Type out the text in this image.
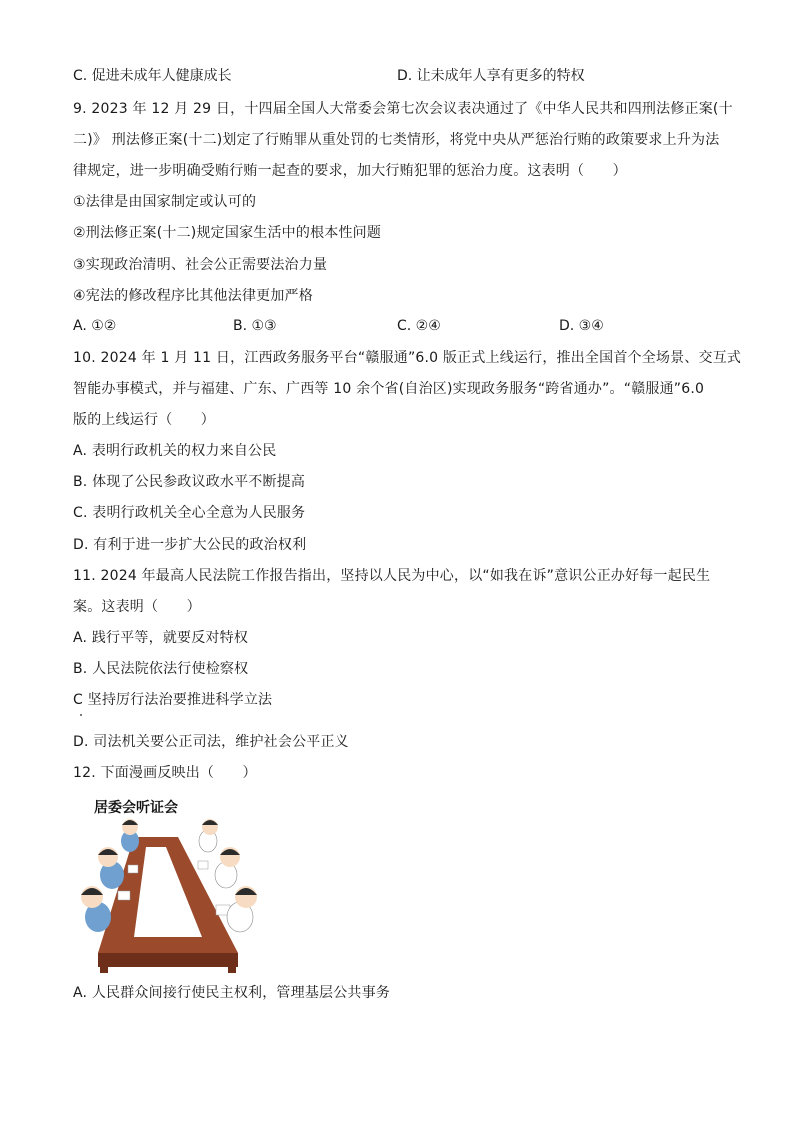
C. 促进未成年人健康成长	D. 让未成年人享有更多的特权
9. 2023 年 12 月 29 日，十四届全国人大常委会第七次会议表决通过了《中华人民共和四刑法修正案(十
二)》 刑法修正案(十二)划定了行贿罪从重处罚的七类情形，将党中央从严惩治行贿的政策要求上升为法
律规定，进一步明确受贿行贿一起查的要求，加大行贿犯罪的惩治力度。这表明（　　）
①法律是由国家制定或认可的
②刑法修正案(十二)规定国家生活中的根本性问题
③实现政治清明、社会公正需要法治力量
④宪法的修改程序比其他法律更加严格
A. ①②	B. ①③	C. ②④	D. ③④
10. 2024 年 1 月 11 日，江西政务服务平台“赣服通”6.0 版正式上线运行，推出全国首个全场景、交互式
智能办事模式，并与福建、广东、广西等 10 余个省(自治区)实现政务服务“跨省通办”。“赣服通”6.0
版的上线运行（　　）
A. 表明行政机关的权力来自公民
B. 体现了公民参政议政水平不断提高
C. 表明行政机关全心全意为人民服务
D. 有利于进一步扩大公民的政治权利
11. 2024 年最高人民法院工作报告指出，坚持以人民为中心，以“如我在诉”意识公正办好每一起民生
案。这表明（　　）
A. 践行平等，就要反对特权
B. 人民法院依法行使检察权
C 坚持厉行法治要推进科学立法
D. 司法机关要公正司法，维护社会公平正义
12. 下面漫画反映出（　　）
居委会听证会
A. 人民群众间接行使民主权利，管理基层公共事务
